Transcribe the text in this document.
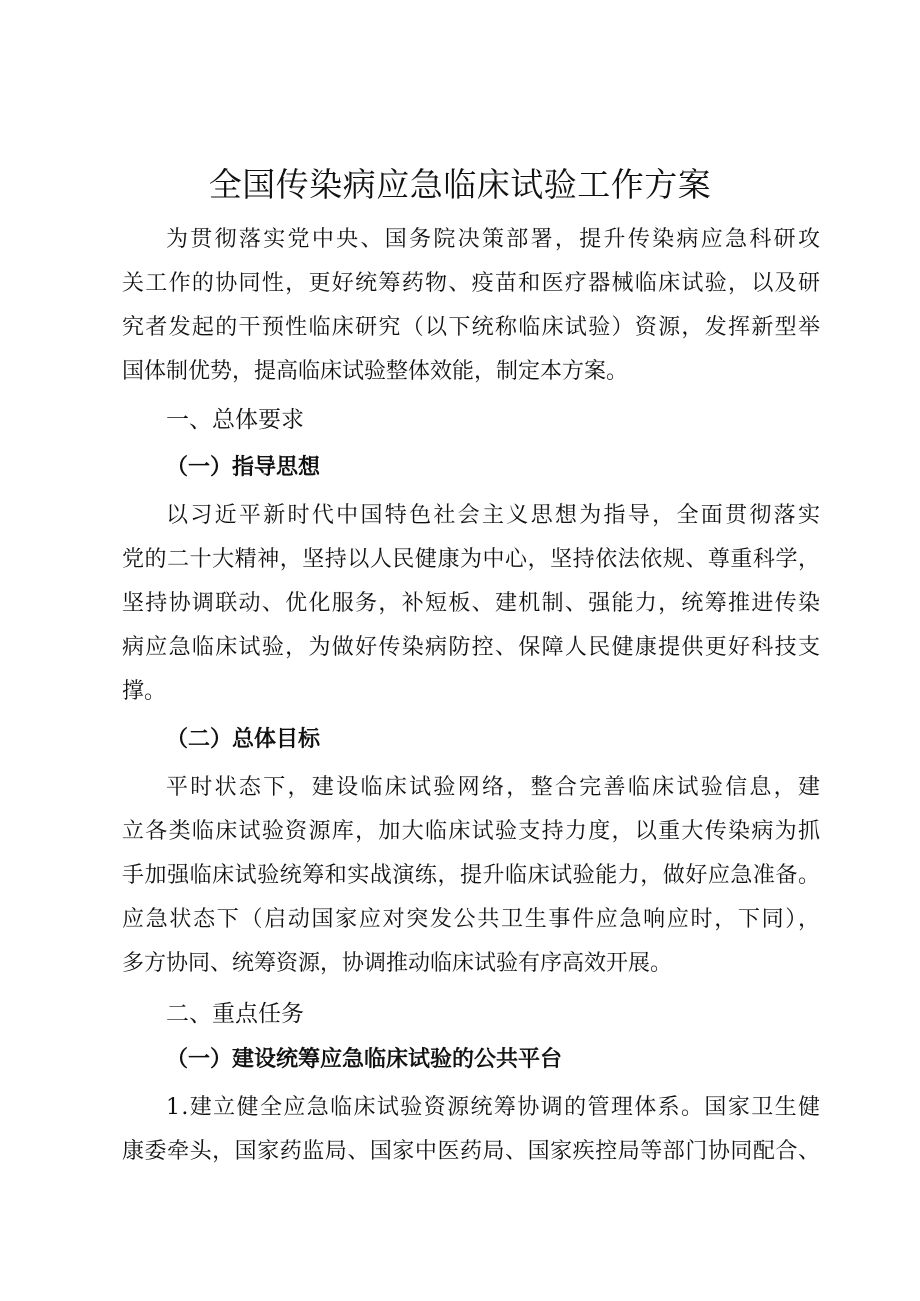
全国传染病应急临床试验工作方案
为贯彻落实党中央、国务院决策部署，提升传染病应急科研攻
关工作的协同性，更好统筹药物、疫苗和医疗器械临床试验，以及研
究者发起的干预性临床研究（以下统称临床试验）资源，发挥新型举
国体制优势，提高临床试验整体效能，制定本方案。
一、总体要求
（一）指导思想
以习近平新时代中国特色社会主义思想为指导，全面贯彻落实
党的二十大精神，坚持以人民健康为中心，坚持依法依规、尊重科学，
坚持协调联动、优化服务，补短板、建机制、强能力，统筹推进传染
病应急临床试验，为做好传染病防控、保障人民健康提供更好科技支
撑。
（二）总体目标
平时状态下，建设临床试验网络，整合完善临床试验信息，建
立各类临床试验资源库，加大临床试验支持力度，以重大传染病为抓
手加强临床试验统筹和实战演练，提升临床试验能力，做好应急准备。
应急状态下（启动国家应对突发公共卫生事件应急响应时，下同），
多方协同、统筹资源，协调推动临床试验有序高效开展。
二、重点任务
（一）建设统筹应急临床试验的公共平台
1.建立健全应急临床试验资源统筹协调的管理体系。国家卫生健
康委牵头，国家药监局、国家中医药局、国家疾控局等部门协同配合、
